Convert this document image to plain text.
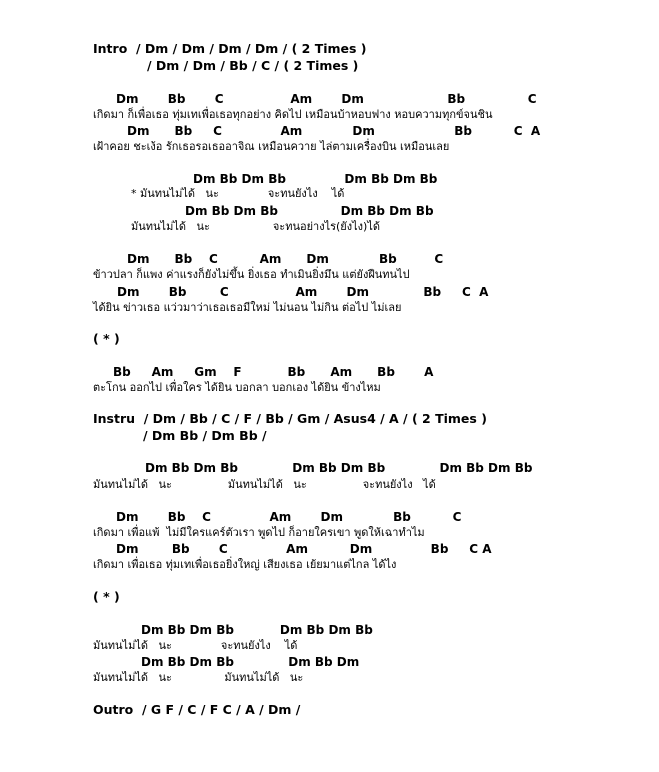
Intro  / Dm / Dm / Dm / Dm / ( 2 Times )
/ Dm / Dm / Bb / C / ( 2 Times )
Dm       Bb       C                Am       Dm                    Bb               C
เกิดมา ก็เพื่อเธอ ทุ่มเทเพื่อเธอทุกอย่าง คิดไป เหมือนบ้าหอบฟาง หอบความทุกข์จนชิน
Dm      Bb     C              Am            Dm                   Bb          C  A
เฝ้าคอย ชะเง้อ รักเธอรอเธออาจิณ เหมือนควาย ไล่ตามเครื่องบิน เหมือนเลย
Dm Bb Dm Bb              Dm Bb Dm Bb
* มันทนไม่ได้   นะ              จะทนยังไง    ได้
Dm Bb Dm Bb               Dm Bb Dm Bb
มันทนไม่ได้   นะ                  จะทนอย่างไร(ยังไง)ได้
Dm      Bb    C          Am      Dm            Bb         C
ข้าวปลา ก็แพง ค่าแรงก็ยังไม่ขึ้น ยิ่งเธอ ทำเมินยิ่งมึน แต่ยังฝืนทนไป
Dm       Bb        C                Am       Dm             Bb     C  A
ได้ยิน ข่าวเธอ แว่วมาว่าเธอเธอมีใหม่ ไม่นอน ไม่กิน ต่อไป ไม่เลย
( * )
Bb     Am     Gm    F           Bb      Am      Bb       A
ตะโกน ออกไป เพื่อใคร ได้ยิน บอกลา บอกเอง ได้ยิน ข้างไหม
Instru  / Dm / Bb / C / F / Bb / Gm / Asus4 / A / ( 2 Times )
/ Dm Bb / Dm Bb /
Dm Bb Dm Bb             Dm Bb Dm Bb             Dm Bb Dm Bb
มันทนไม่ได้   นะ                มันทนไม่ได้   นะ                จะทนยังไง   ได้
Dm       Bb    C              Am       Dm            Bb          C
เกิดมา เพื่อแพ้  ไม่มีใครแคร์ตัวเรา พูดไป ก็อายใครเขา พูดให้เฉาทำไม
Dm        Bb       C              Am          Dm              Bb     C A
เกิดมา เพื่อเธอ ทุ่มเทเพื่อเธอยิ่งใหญ่ เสียงเธอ เย้ยมาแต่ไกล ได้ไง
( * )
Dm Bb Dm Bb           Dm Bb Dm Bb
มันทนไม่ได้   นะ              จะทนยังไง    ได้
Dm Bb Dm Bb             Dm Bb Dm
มันทนไม่ได้   นะ               มันทนไม่ได้   นะ
Outro  / G F / C / F C / A / Dm /
